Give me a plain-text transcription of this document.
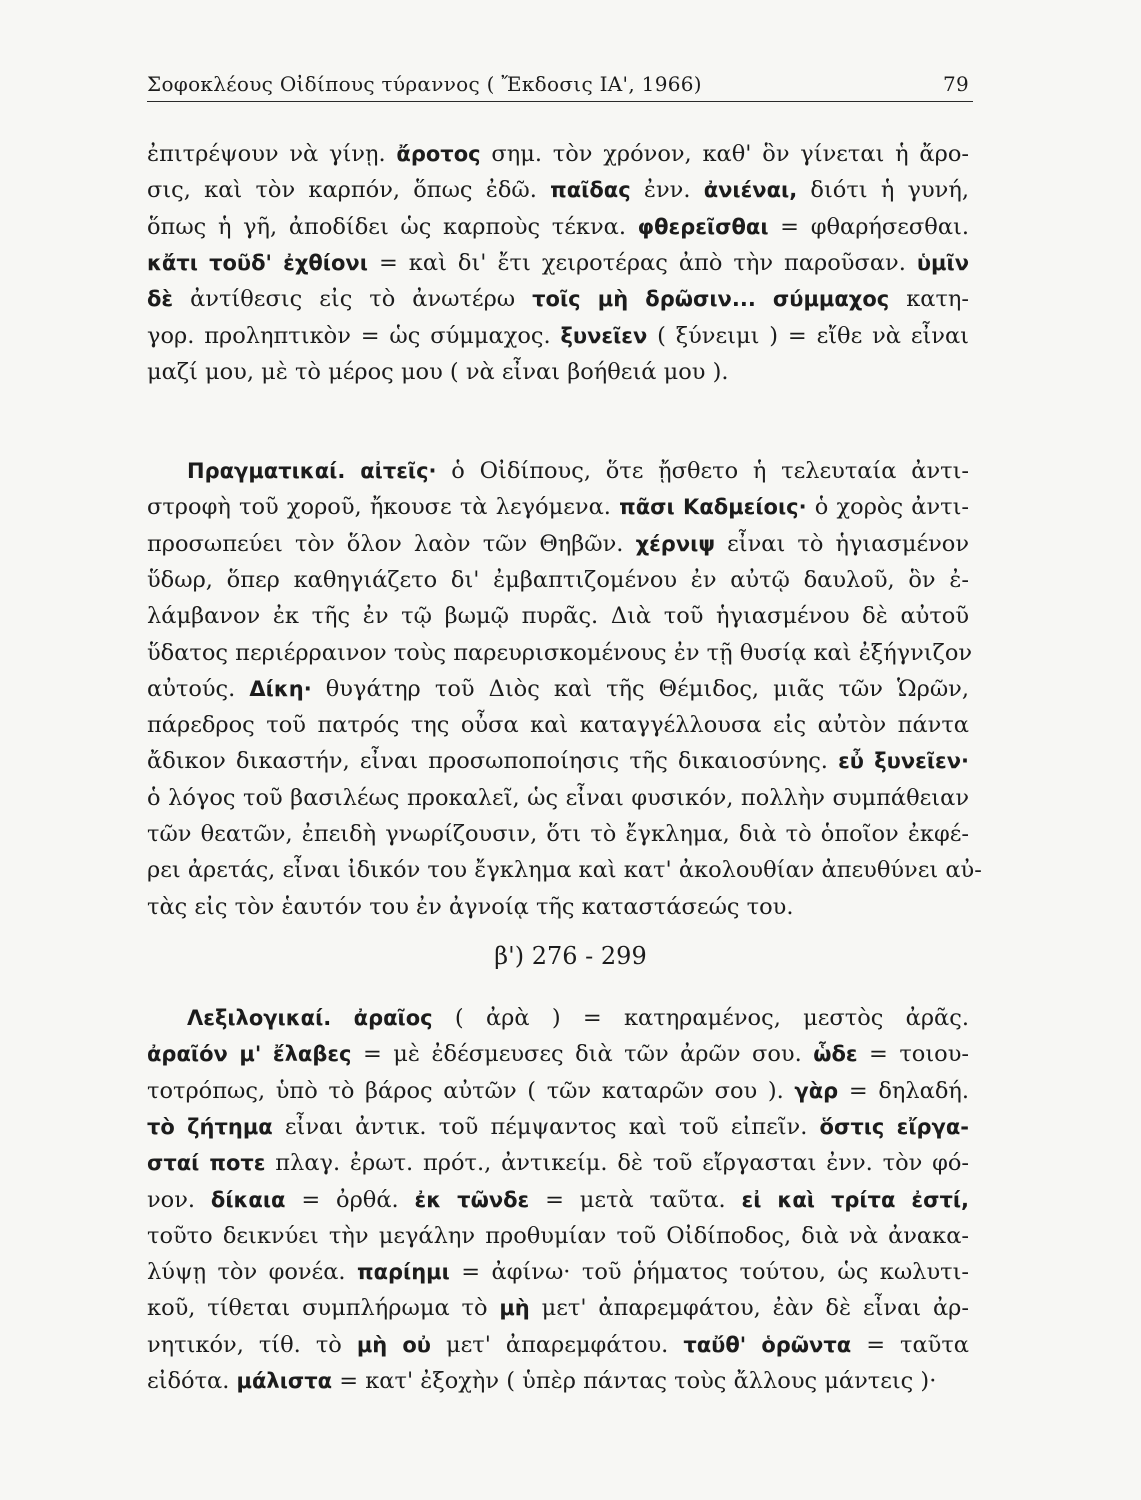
Σοφοκλέους Οἰδίπους τύραννος ( Ἔκδοσις ΙΑ', 1966)	79
ἐπιτρέψουν νὰ γίνῃ. ἄροτος σημ. τὸν χρόνον, καθ' ὃν γίνεται ἡ ἄρο-
σις, καὶ τὸν καρπόν, ὅπως ἐδῶ. παῖδας ἐνν. ἀνιέναι, διότι ἡ γυνή,
ὅπως ἡ γῆ, ἀποδίδει ὡς καρποὺς τέκνα. φθερεῖσθαι = φθαρήσεσθαι.
κἄτι τοῦδ' ἐχθίονι = καὶ δι' ἔτι χειροτέρας ἀπὸ τὴν παροῦσαν. ὑμῖν
δὲ ἀντίθεσις εἰς τὸ ἀνωτέρω τοῖς μὴ δρῶσιν... σύμμαχος κατη-
γορ. προληπτικὸν = ὡς σύμμαχος. ξυνεῖεν ( ξύνειμι ) = εἴθε νὰ εἶναι
μαζί μου, μὲ τὸ μέρος μου ( νὰ εἶναι βοήθειά μου ).
Πραγματικαί. αἰτεῖς· ὁ Οἰδίπους, ὅτε ᾔσθετο ἡ τελευταία ἀντι-
στροφὴ τοῦ χοροῦ, ἤκουσε τὰ λεγόμενα. πᾶσι Καδμείοις· ὁ χορὸς ἀντι-
προσωπεύει τὸν ὅλον λαὸν τῶν Θηβῶν. χέρνιψ εἶναι τὸ ἡγιασμένον
ὕδωρ, ὅπερ καθηγιάζετο δι' ἐμβαπτιζομένου ἐν αὐτῷ δαυλοῦ, ὃν ἐ-
λάμβανον ἐκ τῆς ἐν τῷ βωμῷ πυρᾶς. Διὰ τοῦ ἡγιασμένου δὲ αὐτοῦ
ὕδατος περιέρραινον τοὺς παρευρισκομένους ἐν τῇ θυσίᾳ καὶ ἐξήγνιζον
αὐτούς. Δίκη· θυγάτηρ τοῦ Διὸς καὶ τῆς Θέμιδος, μιᾶς τῶν Ὡρῶν,
πάρεδρος τοῦ πατρός της οὖσα καὶ καταγγέλλουσα εἰς αὐτὸν πάντα
ἄδικον δικαστήν, εἶναι προσωποποίησις τῆς δικαιοσύνης. εὖ ξυνεῖεν·
ὁ λόγος τοῦ βασιλέως προκαλεῖ, ὡς εἶναι φυσικόν, πολλὴν συμπάθειαν
τῶν θεατῶν, ἐπειδὴ γνωρίζουσιν, ὅτι τὸ ἔγκλημα, διὰ τὸ ὁποῖον ἐκφέ-
ρει ἀρετάς, εἶναι ἰδικόν του ἔγκλημα καὶ κατ' ἀκολουθίαν ἀπευθύνει αὐ-
τὰς εἰς τὸν ἑαυτόν του ἐν ἀγνοίᾳ τῆς καταστάσεώς του.
β') 276 - 299
Λεξιλογικαί. ἀραῖος ( ἀρὰ ) = κατηραμένος, μεστὸς ἀρᾶς.
ἀραῖόν μ' ἔλαβες = μὲ ἐδέσμευσες διὰ τῶν ἀρῶν σου. ὧδε = τοιου-
τοτρόπως, ὑπὸ τὸ βάρος αὐτῶν ( τῶν καταρῶν σου ). γὰρ = δηλαδή.
τὸ ζήτημα εἶναι ἀντικ. τοῦ πέμψαντος καὶ τοῦ εἰπεῖν. ὅστις εἴργα-
σταί ποτε πλαγ. ἐρωτ. πρότ., ἀντικείμ. δὲ τοῦ εἴργασται ἐνν. τὸν φό-
νον. δίκαια = ὀρθά. ἐκ τῶνδε = μετὰ ταῦτα. εἰ καὶ τρίτα ἐστί,
τοῦτο δεικνύει τὴν μεγάλην προθυμίαν τοῦ Οἰδίποδος, διὰ νὰ ἀνακα-
λύψῃ τὸν φονέα. παρίημι = ἀφίνω· τοῦ ῥήματος τούτου, ὡς κωλυτι-
κοῦ, τίθεται συμπλήρωμα τὸ μὴ μετ' ἀπαρεμφάτου, ἐὰν δὲ εἶναι ἀρ-
νητικόν, τίθ. τὸ μὴ οὐ μετ' ἀπαρεμφάτου. ταὔθ' ὁρῶντα = ταῦτα
εἰδότα. μάλιστα = κατ' ἐξοχὴν ( ὑπὲρ πάντας τοὺς ἄλλους μάντεις )·
